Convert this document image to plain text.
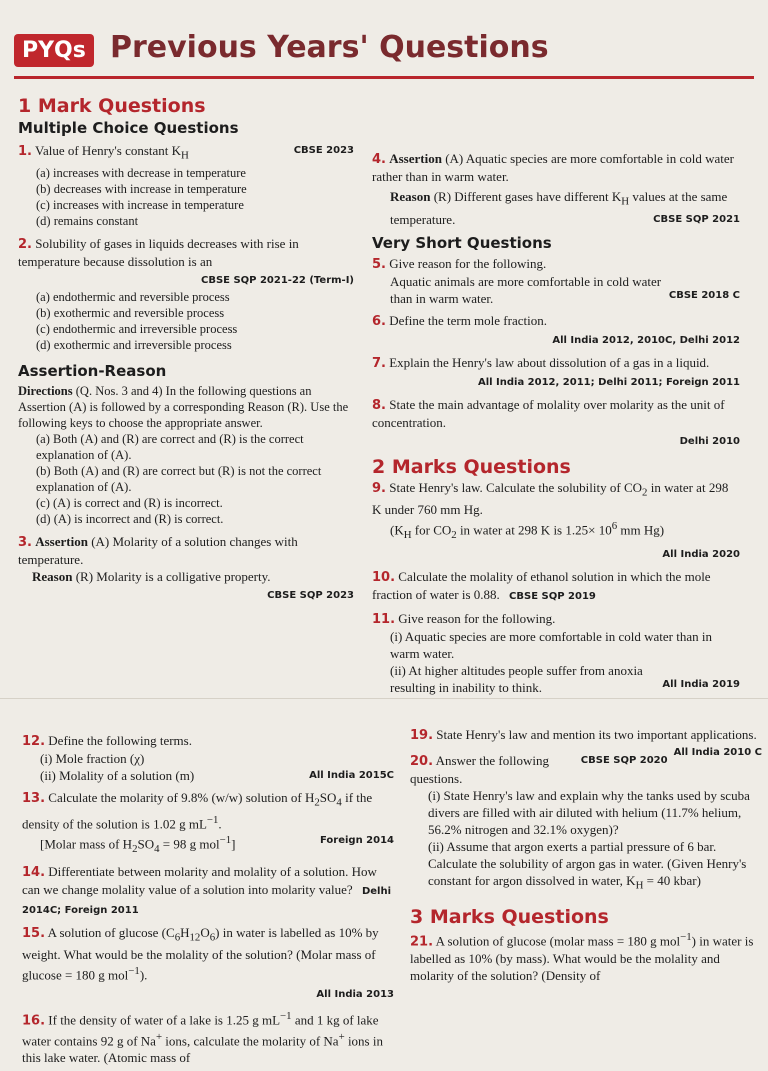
PYQs Previous Years' Questions
1 Mark Questions
Multiple Choice Questions
CBSE 2023
1. Value of Henry's constant $K_H$
(a) increases with decrease in temperature
(b) decreases with increase in temperature
(c) increases with increase in temperature
(d) remains constant
2. Solubility of gases in liquids decreases with rise in temperature because dissolution is an
CBSE SQP 2021-22 (Term-I)
(a) endothermic and reversible process
(b) exothermic and reversible process
(c) endothermic and irreversible process
(d) exothermic and irreversible process
Assertion-Reason
Directions (Q. Nos. 3 and 4) In the following questions an Assertion (A) is followed by a corresponding Reason (R). Use the following keys to choose the appropriate answer.
(a) Both (A) and (R) are correct and (R) is the correct explanation of (A).
(b) Both (A) and (R) are correct but (R) is not the correct explanation of (A).
(c) (A) is correct and (R) is incorrect.
(d) (A) is incorrect and (R) is correct.
3. Assertion (A) Molarity of a solution changes with temperature.
Reason (R) Molarity is a colligative property.
CBSE SQP 2023
4. Assertion (A) Aquatic species are more comfortable in cold water rather than in warm water.
Reason (R) Different gases have different $K_H$ values at the same temperature.	CBSE SQP 2021
Very Short Questions
5. Give reason for the following.
CBSE 2018 C
Aquatic animals are more comfortable in cold water than in warm water.
6. Define the term mole fraction.
All India 2012, 2010C, Delhi 2012
7. Explain the Henry's law about dissolution of a gas in a liquid.
All India 2012, 2011; Delhi 2011; Foreign 2011
8. State the main advantage of molality over molarity as the unit of concentration.
Delhi 2010
2 Marks Questions
9. State Henry's law. Calculate the solubility of $CO_2$ in water at 298 K under 760 mm Hg.
($K_H$ for $CO_2$ in water at 298 K is $1.25\times 10^6$ mm Hg)
All India 2020
10. Calculate the molality of ethanol solution in which the mole fraction of water is 0.88. CBSE SQP 2019
11. Give reason for the following.
(i) Aquatic species are more comfortable in cold water than in warm water.
All India 2019
(ii) At higher altitudes people suffer from anoxia resulting in inability to think.
12. Define the following terms.
(i) Mole fraction (χ)
(ii) Molality of a solution (m)	All India 2015C
13. Calculate the molarity of 9.8% (w/w) solution of $H_2SO_4$ if the density of the solution is 1.02 g $mL^{-1}$.
Foreign 2014
[Molar mass of $H_2SO_4 = 98$ g mol$^{-1}$]
14. Differentiate between molarity and molality of a solution. How can we change molality value of a solution into molarity value? Delhi 2014C; Foreign 2011
15. A solution of glucose $(C_6H_{12}O_6)$ in water is labelled as 10% by weight. What would be the molality of the solution? (Molar mass of glucose = 180 g mol$^{-1}$).
All India 2013
16. If the density of water of a lake is 1.25 g $mL^{-1}$ and 1 kg of lake water contains 92 g of Na+ ions, calculate the molarity of Na+ ions in this lake water. (Atomic mass of
19. State Henry's law and mention its two important applications.
All India 2010 C
CBSE SQP 2020
20. Answer the following questions.
(i) State Henry's law and explain why the tanks used by scuba divers are filled with air diluted with helium (11.7% helium, 56.2% nitrogen and 32.1% oxygen)?
(ii) Assume that argon exerts a partial pressure of 6 bar. Calculate the solubility of argon gas in water. (Given Henry's constant for argon dissolved in water, $K_H = 40$ kbar)
3 Marks Questions
21. A solution of glucose (molar mass = 180 g mol$^{-1}$) in water is labelled as 10% (by mass). What would be the molality and molarity of the solution? (Density of
